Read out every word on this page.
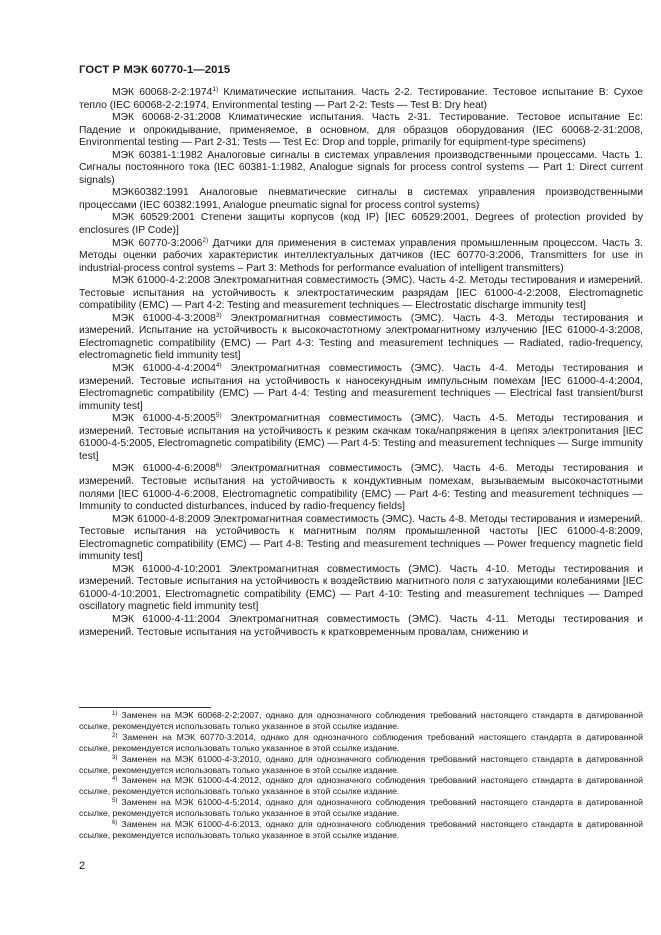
ГОСТ Р МЭК 60770-1—2015

МЭК 60068-2-2:1974$^{1)}$ Климатические испытания. Часть 2-2. Тестирование. Тестовое испытание В: Сухое тепло (IEC 60068-2-2:1974, Environmental testing — Part 2-2: Tests — Test B: Dry heat)

МЭК 60068-2-31:2008 Климатические испытания. Часть 2-31. Тестирование. Тестовое испытание Ec: Падение и опрокидывание, применяемое, в основном, для образцов оборудования (IEC 60068-2-31:2008, Environmental testing — Part 2-31: Tests — Test Ec: Drop and topple, primarily for equipment-type specimens)

МЭК 60381-1:1982 Аналоговые сигналы в системах управления производственными процессами. Часть 1. Сигналы постоянного тока (IEC 60381-1:1982, Analogue signals for process control systems — Part 1: Direct current signals)

МЭК60382:1991 Аналоговые пневматические сигналы в системах управления производственными процессами (IEC 60382:1991, Analogue pneumatic signal for process control systems)

МЭК 60529:2001 Степени защиты корпусов (код IP) [IEC 60529:2001, Degrees of protection provided by enclosures (IP Code)]

МЭК 60770-3:2006$^{2)}$ Датчики для применения в системах управления промышленным процессом. Часть 3. Методы оценки рабочих характеристик интеллектуальных датчиков (IEC 60770-3:2006, Transmitters for use in industrial-process control systems – Part 3: Methods for performance evaluation of intelligent transmitters)

МЭК 61000-4-2:2008 Электромагнитная совместимость (ЭМС). Часть 4-2. Методы тестирования и измерений. Тестовые испытания на устойчивость к электростатическим разрядам [IEC 61000-4-2:2008, Electromagnetic compatibility (EMC) — Part 4-2: Testing and measurement techniques — Electrostatic discharge immunity test]

МЭК 61000-4-3:2008$^{3)}$ Электромагнитная совместимость (ЭМС). Часть 4-3. Методы тестирования и измерений. Испытание на устойчивость к высокочастотному электромагнитному излучению [IEC 61000-4-3:2008, Electromagnetic compatibility (EMC) — Part 4-3: Testing and measurement techniques — Radiated, radio-frequency, electromagnetic field immunity test]

МЭК 61000-4-4:2004$^{4)}$ Электромагнитная совместимость (ЭМС). Часть 4-4. Методы тестирования и измерений. Тестовые испытания на устойчивость к наносекундным импульсным помехам [IEC 61000-4-4:2004, Electromagnetic compatibility (EMC) — Part 4-4: Testing and measurement techniques — Electrical fast transient/burst immunity test]

МЭК 61000-4-5:2005$^{5)}$ Электромагнитная совместимость (ЭМС). Часть 4-5. Методы тестирования и измерений. Тестовые испытания на устойчивость к резким скачкам тока/напряжения в цепях электропитания [IEC 61000-4-5:2005, Electromagnetic compatibility (EMC) — Part 4-5: Testing and measurement techniques — Surge immunity test]

МЭК 61000-4-6:2008$^{6)}$ Электромагнитная совместимость (ЭМС). Часть 4-6. Методы тестирования и измерений. Тестовые испытания на устойчивость к кондуктивным помехам, вызываемым высокочастотными полями [IEC 61000-4-6:2008, Electromagnetic compatibility (EMC) — Part 4-6: Testing and measurement techniques — Immunity to conducted disturbances, induced by radio-frequency fields]

МЭК 61000-4-8:2009 Электромагнитная совместимость (ЭМС). Часть 4-8. Методы тестирования и измерений. Тестовые испытания на устойчивость к магнитным полям промышленной частоты [IEC 61000-4-8:2009, Electromagnetic compatibility (EMC) — Part 4-8: Testing and measurement techniques — Power frequency magnetic field immunity test]

МЭК 61000-4-10:2001 Электромагнитная совместимость (ЭМС). Часть 4-10. Методы тестирования и измерений. Тестовые испытания на устойчивость к воздействию магнитного поля с затухающими колебаниями [IEC 61000-4-10:2001, Electromagnetic compatibility (EMC) — Part 4-10: Testing and measurement techniques — Damped oscillatory magnetic field immunity test]

МЭК 61000-4-11:2004 Электромагнитная совместимость (ЭМС). Часть 4-11. Методы тестирования и измерений. Тестовые испытания на устойчивость к кратковременным провалам, снижению и

$^{1)}$ Заменен на МЭК 60068-2-2:2007, однако для однозначного соблюдения требований настоящего стандарта в датированной ссылке, рекомендуется использовать только указанное в этой ссылке издание.

$^{2)}$ Заменен на МЭК 60770-3:2014, однако для однозначного соблюдения требований настоящего стандарта в датированной ссылке, рекомендуется использовать только указанное в этой ссылке издание.

$^{3)}$ Заменен на МЭК 61000-4-3:2010, однако для однозначного соблюдения требований настоящего стандарта в датированной ссылке, рекомендуется использовать только указанное в этой ссылке издание.

$^{4)}$ Заменен на МЭК 61000-4-4:2012, однако для однозначного соблюдения требований настоящего стандарта в датированной ссылке, рекомендуется использовать только указанное в этой ссылке издание.

$^{5)}$ Заменен на МЭК 61000-4-5:2014, однако для однозначного соблюдения требований настоящего стандарта в датированной ссылке, рекомендуется использовать только указанное в этой ссылке издание.

$^{6)}$ Заменен на МЭК 61000-4-6:2013, однако для однозначного соблюдения требований настоящего стандарта в датированной ссылке, рекомендуется использовать только указанное в этой ссылке издание.

2
